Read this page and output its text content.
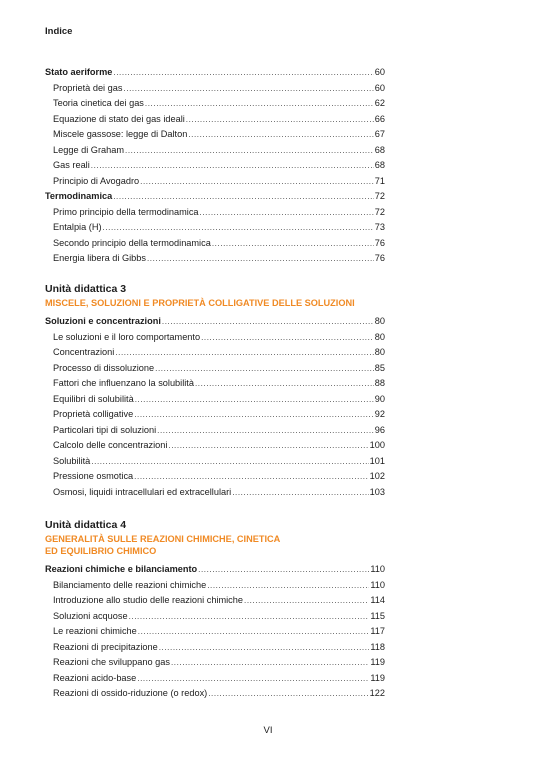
Indice
Stato aeriforme .....	60
Proprietà dei gas .....	60
Teoria cinetica dei gas .....	62
Equazione di stato dei gas ideali .....	66
Miscele gassose: legge di Dalton .....	67
Legge di Graham .....	68
Gas reali .....	68
Principio di Avogadro .....	71
Termodinamica .....	72
Primo principio della termodinamica .....	72
Entalpia (H) .....	73
Secondo principio della termodinamica .....	76
Energia libera di Gibbs .....	76
Unità didattica 3
MISCELE, SOLUZIONI E PROPRIETÀ COLLIGATIVE DELLE SOLUZIONI
Soluzioni e concentrazioni .....	80
Le soluzioni e il loro comportamento .....	80
Concentrazioni .....	80
Processo di dissoluzione .....	85
Fattori che influenzano la solubilità .....	88
Equilibri di solubilità .....	90
Proprietà colligative .....	92
Particolari tipi di soluzioni .....	96
Calcolo delle concentrazioni .....	100
Solubilità .....	101
Pressione osmotica .....	102
Osmosi, liquidi intracellulari ed extracellulari .....	103
Unità didattica 4
GENERALITÀ SULLE REAZIONI CHIMICHE, CINETICA
ED EQUILIBRIO CHIMICO
Reazioni chimiche e bilanciamento .....	110
Bilanciamento delle reazioni chimiche .....	110
Introduzione allo studio delle reazioni chimiche .....	114
Soluzioni acquose .....	115
Le reazioni chimiche .....	117
Reazioni di precipitazione .....	118
Reazioni che sviluppano gas .....	119
Reazioni acido-base .....	119
Reazioni di ossido-riduzione (o redox) .....	122
VI
